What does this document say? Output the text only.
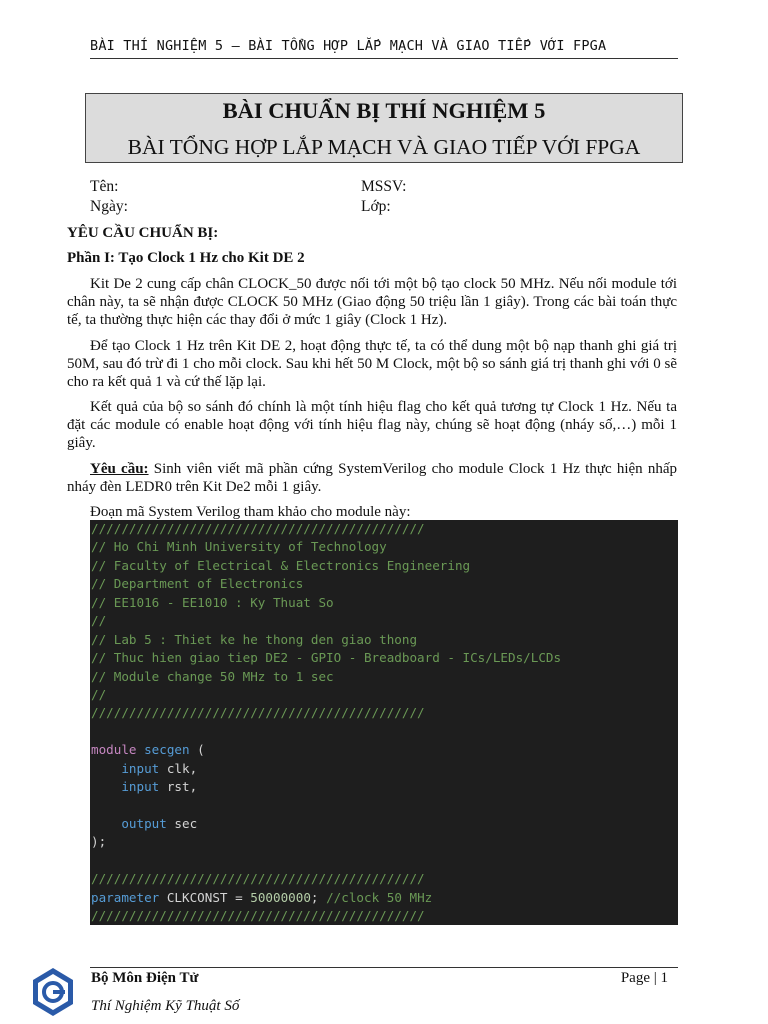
BÀI THÍ NGHIỆM 5 – BÀI TỔNG HỢP LẮP MẠCH VÀ GIAO TIẾP VỚI FPGA
BÀI CHUẨN BỊ THÍ NGHIỆM 5
BÀI TỔNG HỢP LẮP MẠCH VÀ GIAO TIẾP VỚI FPGA
Tên:	MSSV:
Ngày:	Lớp:
YÊU CẦU CHUẨN BỊ:
Phần I: Tạo Clock 1 Hz cho Kit DE 2
Kit De 2 cung cấp chân CLOCK_50 được nối tới một bộ tạo clock 50 MHz. Nếu nối module tới chân này, ta sẽ nhận được CLOCK 50 MHz (Giao động 50 triệu lần 1 giây). Trong các bài toán thực tế, ta thường thực hiện các thay đổi ở mức 1 giây (Clock 1 Hz).
Để tạo Clock 1 Hz trên Kit DE 2, hoạt động thực tế, ta có thể dung một bộ nạp thanh ghi giá trị 50M, sau đó trừ đi 1 cho mỗi clock. Sau khi hết 50 M Clock, một bộ so sánh giá trị thanh ghi với 0 sẽ cho ra kết quả 1 và cứ thế lặp lại.
Kết quả của bộ so sánh đó chính là một tính hiệu flag cho kết quả tương tự Clock 1 Hz. Nếu ta đặt các module có enable hoạt động với tính hiệu flag này, chúng sẽ hoạt động (nháy số,…) mỗi 1 giây.
Yêu cầu: Sinh viên viết mã phần cứng SystemVerilog cho module Clock 1 Hz thực hiện nhấp nháy đèn LEDR0 trên Kit De2 mỗi 1 giây.
Đoạn mã System Verilog tham khảo cho module này:
////////////////////////////////////////////
// Ho Chi Minh University of Technology
// Faculty of Electrical & Electronics Engineering
// Department of Electronics
// EE1016 - EE1010 : Ky Thuat So
//
// Lab 5 : Thiet ke he thong den giao thong
// Thuc hien giao tiep DE2 - GPIO - Breadboard - ICs/LEDs/LCDs
// Module change 50 MHz to 1 sec
//
////////////////////////////////////////////
module secgen (
input clk,
input rst,
output sec
);
////////////////////////////////////////////
parameter CLKCONST = 50000000; //clock 50 MHz
////////////////////////////////////////////
Bộ Môn Điện Tử
Thí Nghiệm Kỹ Thuật Số
Page | 1
